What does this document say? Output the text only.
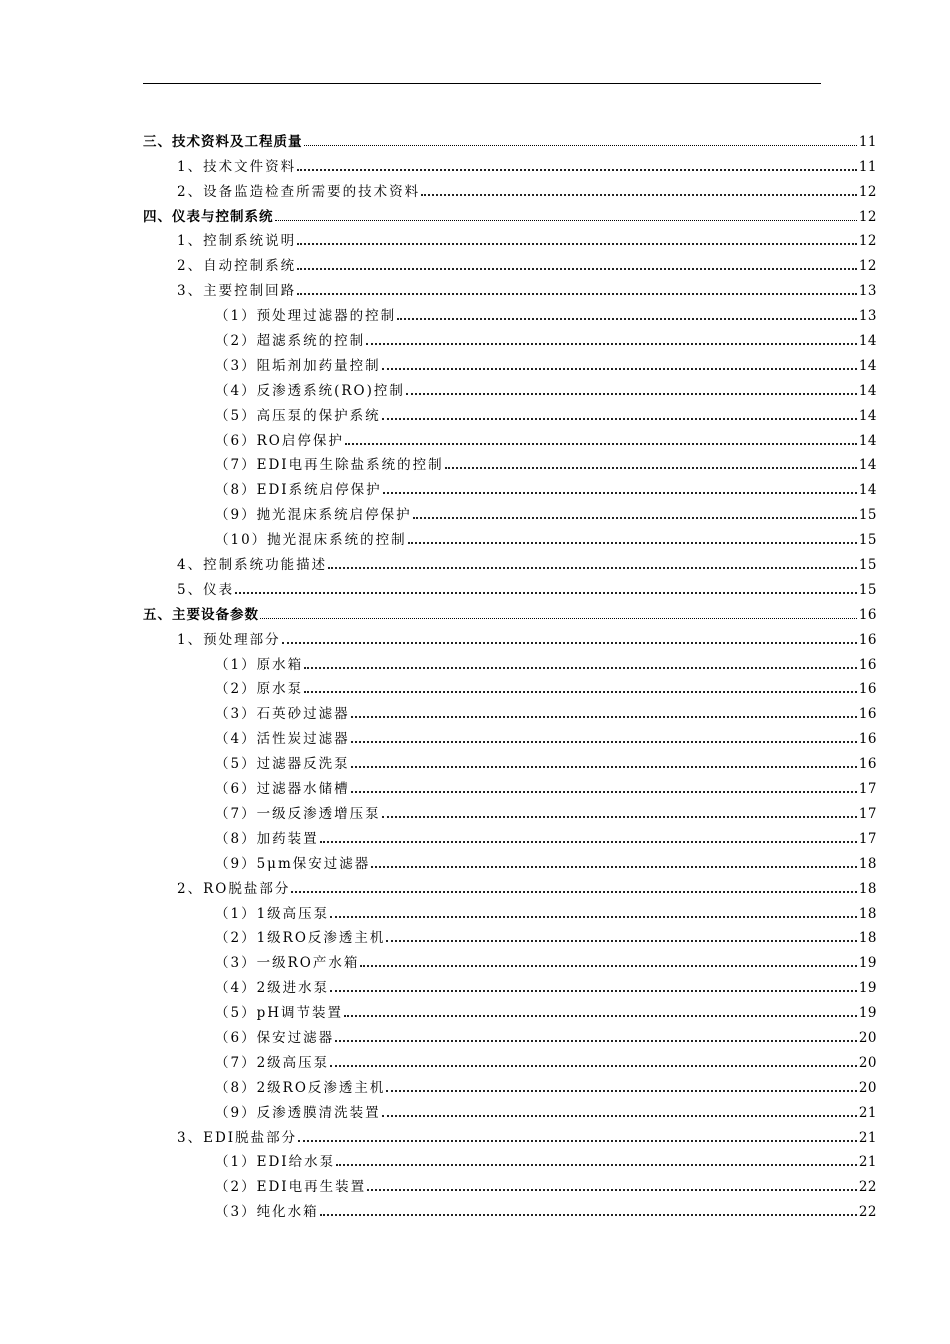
三、技术资料及工程质量	11
1、技术文件资料	11
2、设备监造检查所需要的技术资料	12
四、仪表与控制系统	12
1、控制系统说明	12
2、自动控制系统	12
3、主要控制回路	13
（1）预处理过滤器的控制	13
（2）超滤系统的控制	14
（3）阻垢剂加药量控制	14
（4）反渗透系统(RO)控制	14
（5）高压泵的保护系统	14
（6）RO启停保护	14
（7）EDI电再生除盐系统的控制	14
（8）EDI系统启停保护	14
（9）抛光混床系统启停保护	15
（10）抛光混床系统的控制	15
4、控制系统功能描述	15
5、仪表	15
五、主要设备参数	16
1、预处理部分	16
（1）原水箱	16
（2）原水泵	16
（3）石英砂过滤器	16
（4）活性炭过滤器	16
（5）过滤器反洗泵	16
（6）过滤器水储槽	17
（7）一级反渗透增压泵	17
（8）加药装置	17
（9）5μm保安过滤器	18
2、RO脱盐部分	18
（1）1级高压泵	18
（2）1级RO反渗透主机	18
（3）一级RO产水箱	19
（4）2级进水泵	19
（5）pH调节装置	19
（6）保安过滤器	20
（7）2级高压泵	20
（8）2级RO反渗透主机	20
（9）反渗透膜清洗装置	21
3、EDI脱盐部分	21
（1）EDI给水泵	21
（2）EDI电再生装置	22
（3）纯化水箱	22
